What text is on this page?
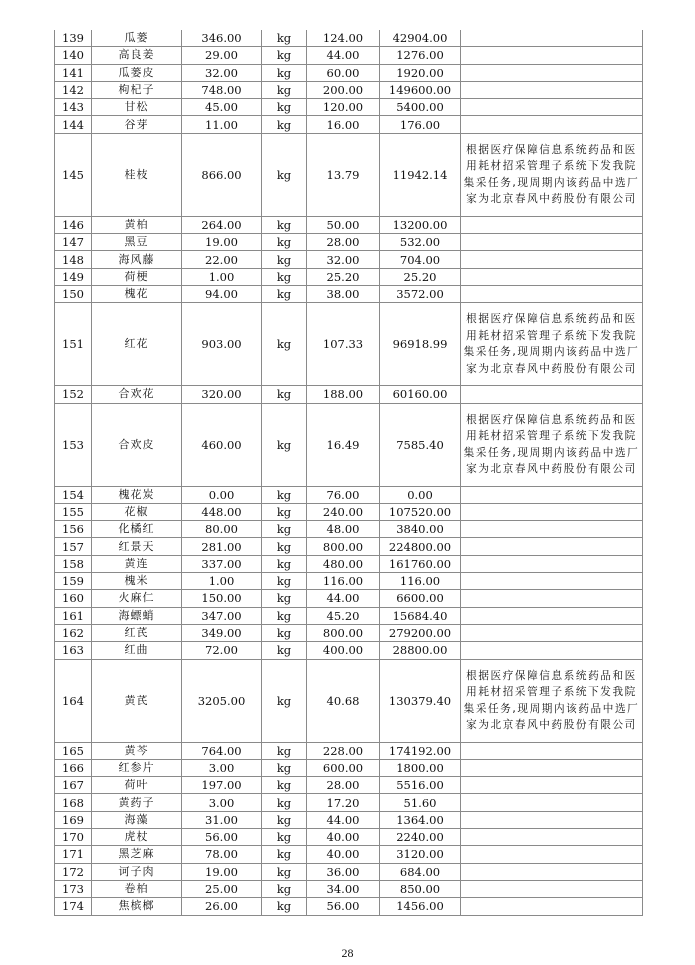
139	瓜蒌	346.00	kg	124.00	42904.00	
140	高良姜	29.00	kg	44.00	1276.00	
141	瓜蒌皮	32.00	kg	60.00	1920.00	
142	枸杞子	748.00	kg	200.00	149600.00	
143	甘松	45.00	kg	120.00	5400.00	
144	谷芽	11.00	kg	16.00	176.00	
145	桂枝	866.00	kg	13.79	11942.14	根据医疗保障信息系统药品和医用耗材招采管理子系统下发我院集采任务,现周期内该药品中选厂家为北京春风中药股份有限公司
146	黄柏	264.00	kg	50.00	13200.00	
147	黑豆	19.00	kg	28.00	532.00	
148	海风藤	22.00	kg	32.00	704.00	
149	荷梗	1.00	kg	25.20	25.20	
150	槐花	94.00	kg	38.00	3572.00	
151	红花	903.00	kg	107.33	96918.99	根据医疗保障信息系统药品和医用耗材招采管理子系统下发我院集采任务,现周期内该药品中选厂家为北京春风中药股份有限公司
152	合欢花	320.00	kg	188.00	60160.00	
153	合欢皮	460.00	kg	16.49	7585.40	根据医疗保障信息系统药品和医用耗材招采管理子系统下发我院集采任务,现周期内该药品中选厂家为北京春风中药股份有限公司
154	槐花炭	0.00	kg	76.00	0.00	
155	花椒	448.00	kg	240.00	107520.00	
156	化橘红	80.00	kg	48.00	3840.00	
157	红景天	281.00	kg	800.00	224800.00	
158	黄连	337.00	kg	480.00	161760.00	
159	槐米	1.00	kg	116.00	116.00	
160	火麻仁	150.00	kg	44.00	6600.00	
161	海螵蛸	347.00	kg	45.20	15684.40	
162	红芪	349.00	kg	800.00	279200.00	
163	红曲	72.00	kg	400.00	28800.00	
164	黄芪	3205.00	kg	40.68	130379.40	根据医疗保障信息系统药品和医用耗材招采管理子系统下发我院集采任务,现周期内该药品中选厂家为北京春风中药股份有限公司
165	黄芩	764.00	kg	228.00	174192.00	
166	红参片	3.00	kg	600.00	1800.00	
167	荷叶	197.00	kg	28.00	5516.00	
168	黄药子	3.00	kg	17.20	51.60	
169	海藻	31.00	kg	44.00	1364.00	
170	虎杖	56.00	kg	40.00	2240.00	
171	黑芝麻	78.00	kg	40.00	3120.00	
172	诃子肉	19.00	kg	36.00	684.00	
173	卷柏	25.00	kg	34.00	850.00	
174	焦槟榔	26.00	kg	56.00	1456.00	
28
